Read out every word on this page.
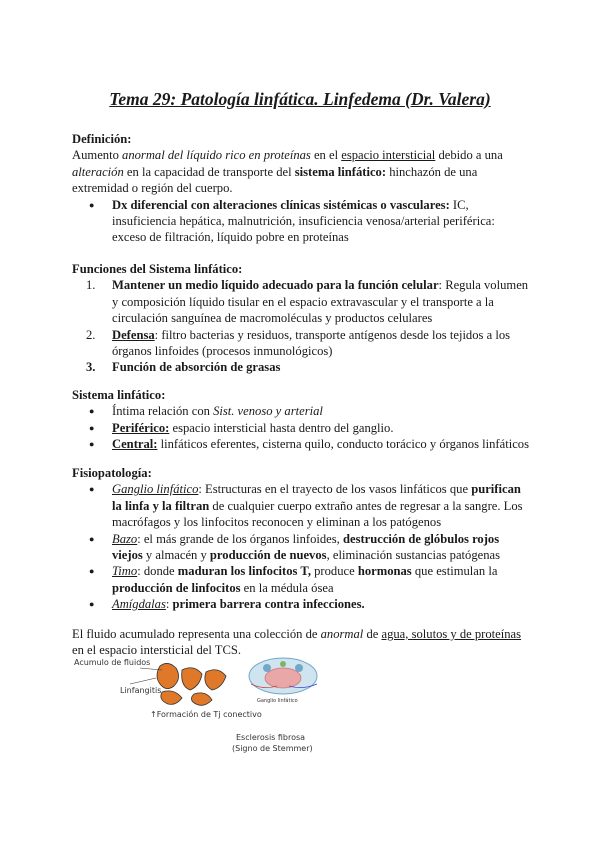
Tema 29: Patología linfática. Linfedema (Dr. Valera)
Definición:
Aumento anormal del líquido rico en proteínas en el espacio intersticial debido a una alteración en la capacidad de transporte del sistema linfático: hinchazón de una extremidad o región del cuerpo.
● Dx diferencial con alteraciones clínicas sistémicas o vasculares: IC, insuficiencia hepática, malnutrición, insuficiencia venosa/arterial periférica: exceso de filtración, líquido pobre en proteínas
Funciones del Sistema linfático:
1. Mantener un medio líquido adecuado para la función celular: Regula volumen y composición líquido tisular en el espacio extravascular y el transporte a la circulación sanguínea de macromoléculas y productos celulares
2. Defensa: filtro bacterias y residuos, transporte antígenos desde los tejidos a los órganos linfoides (procesos inmunológicos)
3. Función de absorción de grasas
Sistema linfático:
● Íntima relación con Sist. venoso y arterial
● Periférico: espacio intersticial hasta dentro del ganglio.
● Central: linfáticos eferentes, cisterna quilo, conducto torácico y órganos linfáticos
Fisiopatología:
● Ganglio linfático: Estructuras en el trayecto de los vasos linfáticos que purifican la linfa y la filtran de cualquier cuerpo extraño antes de regresar a la sangre. Los macrófagos y los linfocitos reconocen y eliminan a los patógenos
● Bazo: el más grande de los órganos linfoides, destrucción de glóbulos rojos viejos y almacén y producción de nuevos, eliminación sustancias patógenas
● Timo: donde maduran los linfocitos T, produce hormonas que estimulan la producción de linfocitos en la médula ósea
● Amígdalas: primera barrera contra infecciones.
El fluido acumulado representa una colección de anormal de agua, solutos y de proteínas en el espacio intersticial del TCS.
Acumulo de fluidos
Linfangitis
↑Formación de Tj conectivo
Esclerosis fibrosa
(Signo de Stemmer)
Ganglio linfático
